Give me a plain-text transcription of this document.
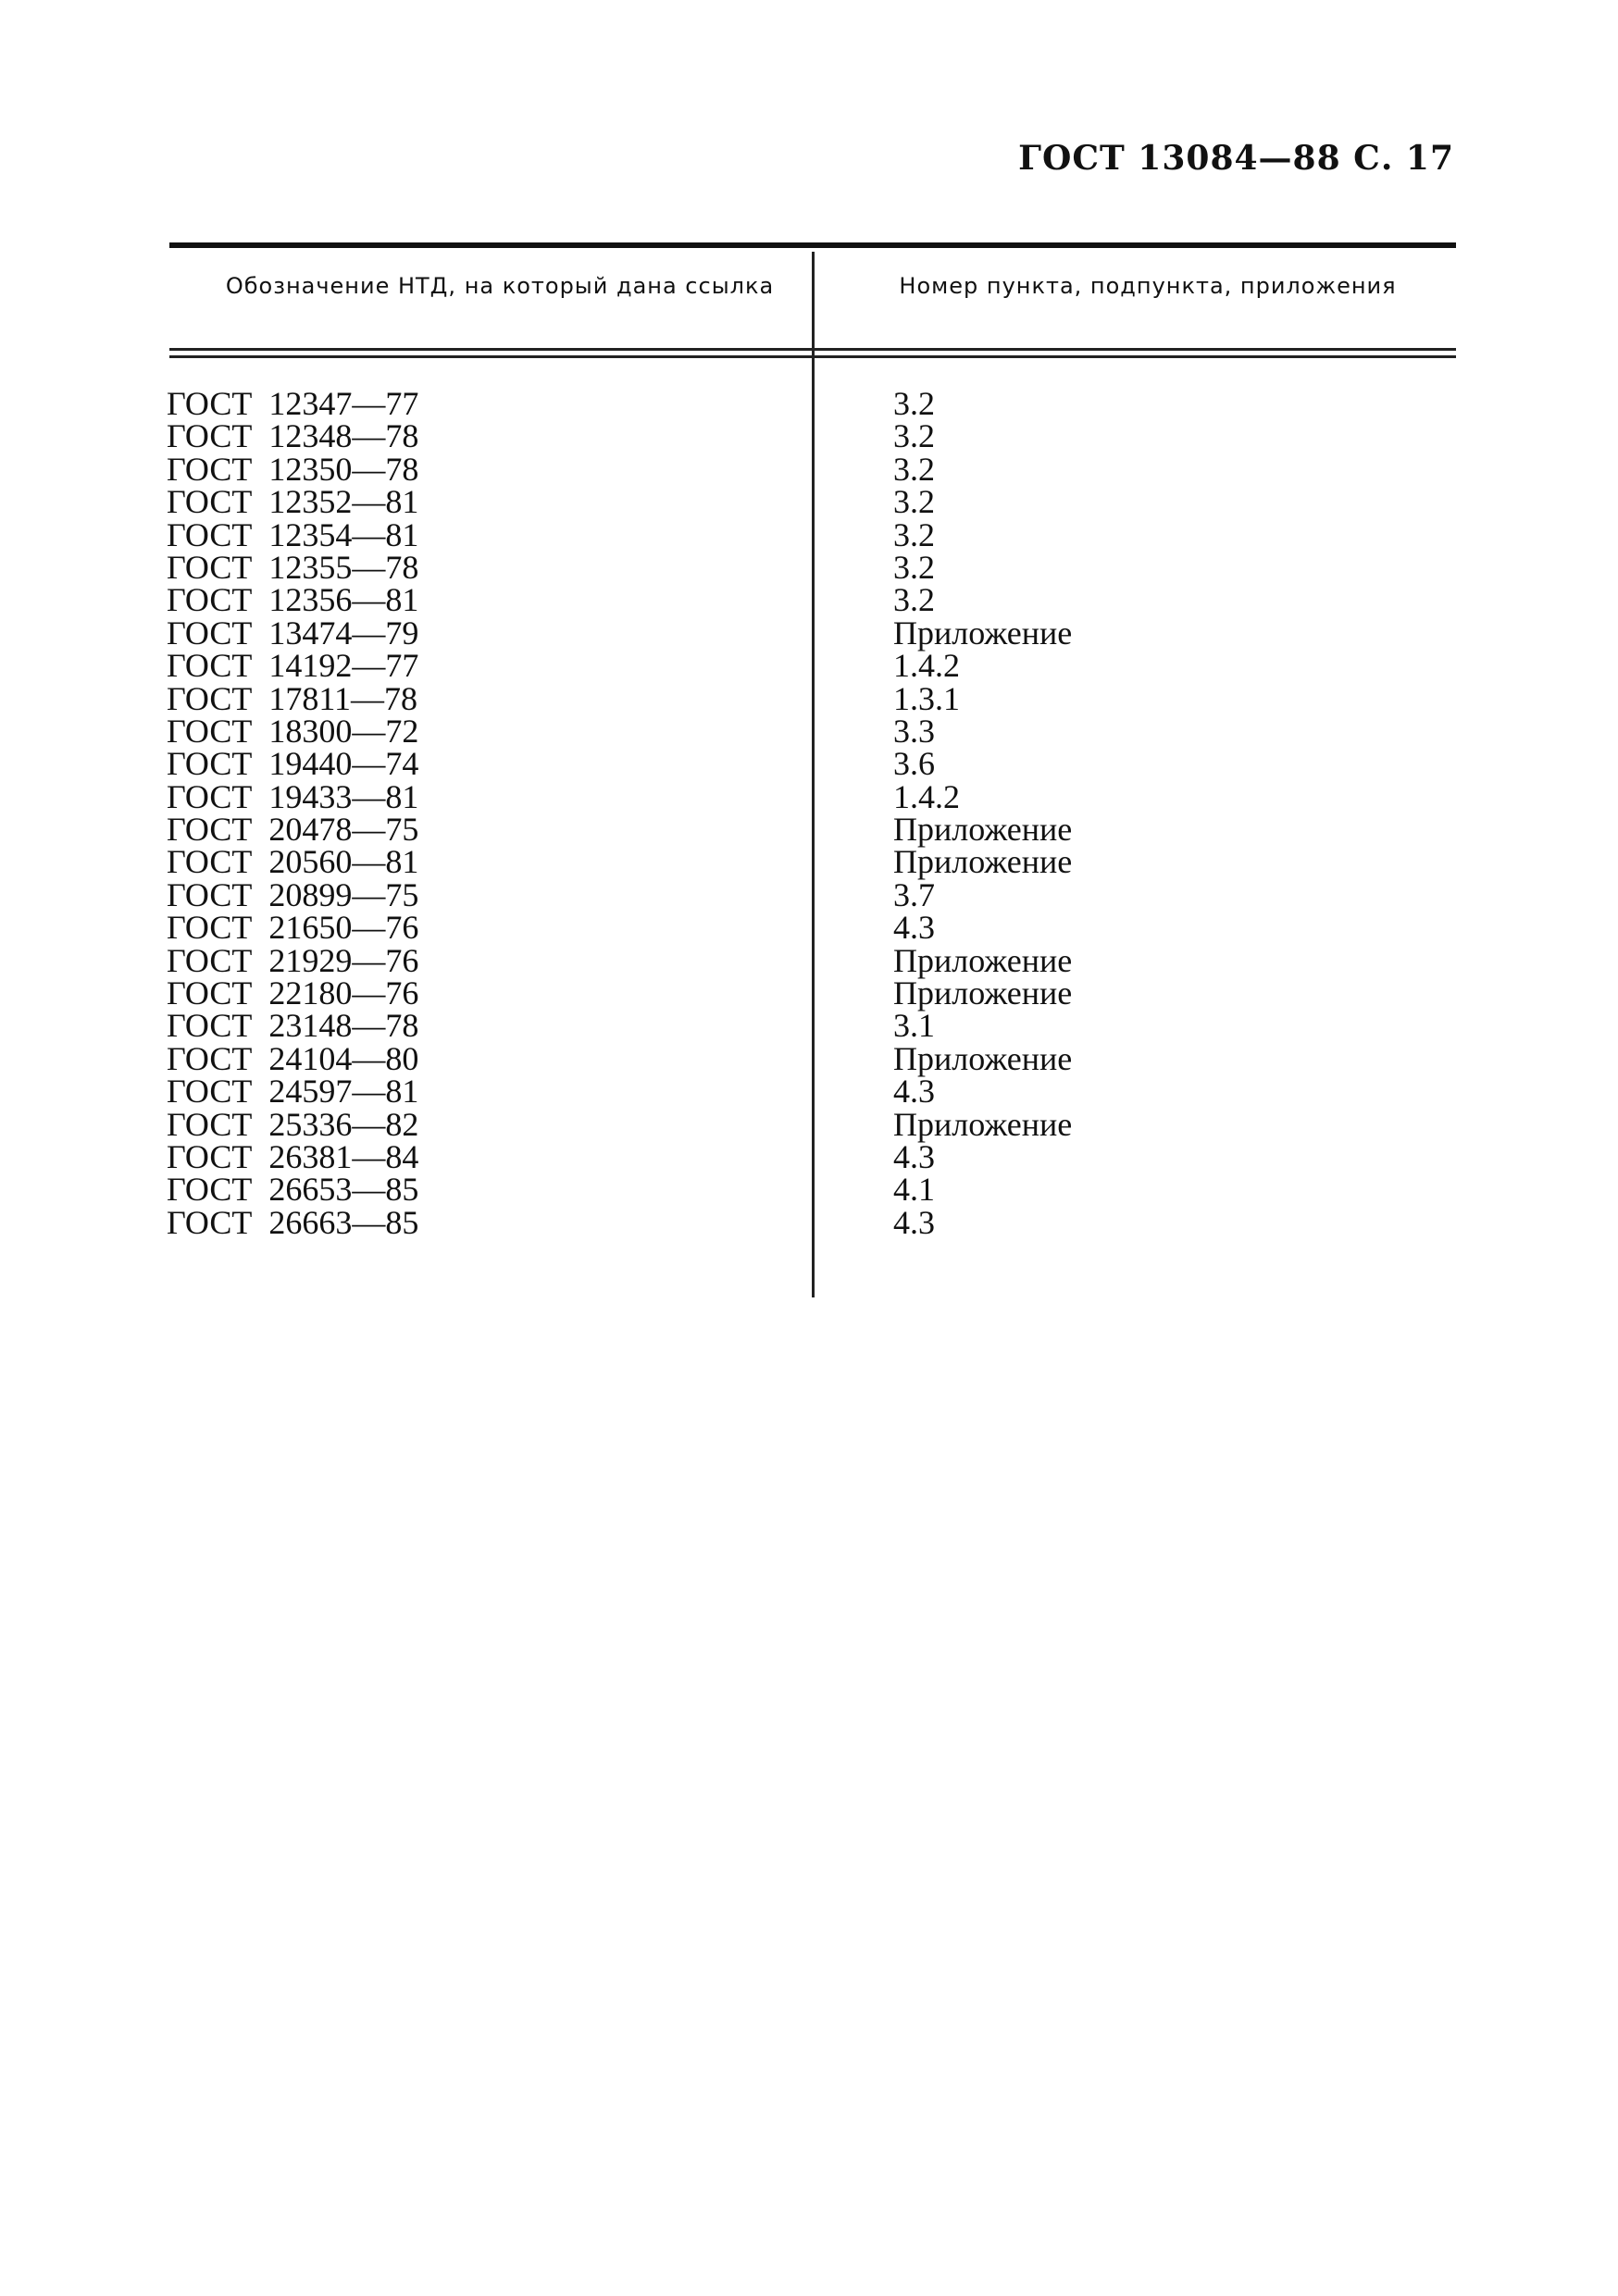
ГОСТ 13084—88 С. 17
Обозначение НТД, на который дана ссылка	Номер пункта, подпункта, приложения
ГОСТ 12347—77	3.2
ГОСТ 12348—78	3.2
ГОСТ 12350—78	3.2
ГОСТ 12352—81	3.2
ГОСТ 12354—81	3.2
ГОСТ 12355—78	3.2
ГОСТ 12356—81	3.2
ГОСТ 13474—79	Приложение
ГОСТ 14192—77	1.4.2
ГОСТ 17811—78	1.3.1
ГОСТ 18300—72	3.3
ГОСТ 19440—74	3.6
ГОСТ 19433—81	1.4.2
ГОСТ 20478—75	Приложение
ГОСТ 20560—81	Приложение
ГОСТ 20899—75	3.7
ГОСТ 21650—76	4.3
ГОСТ 21929—76	Приложение
ГОСТ 22180—76	Приложение
ГОСТ 23148—78	3.1
ГОСТ 24104—80	Приложение
ГОСТ 24597—81	4.3
ГОСТ 25336—82	Приложение
ГОСТ 26381—84	4.3
ГОСТ 26653—85	4.1
ГОСТ 26663—85	4.3
